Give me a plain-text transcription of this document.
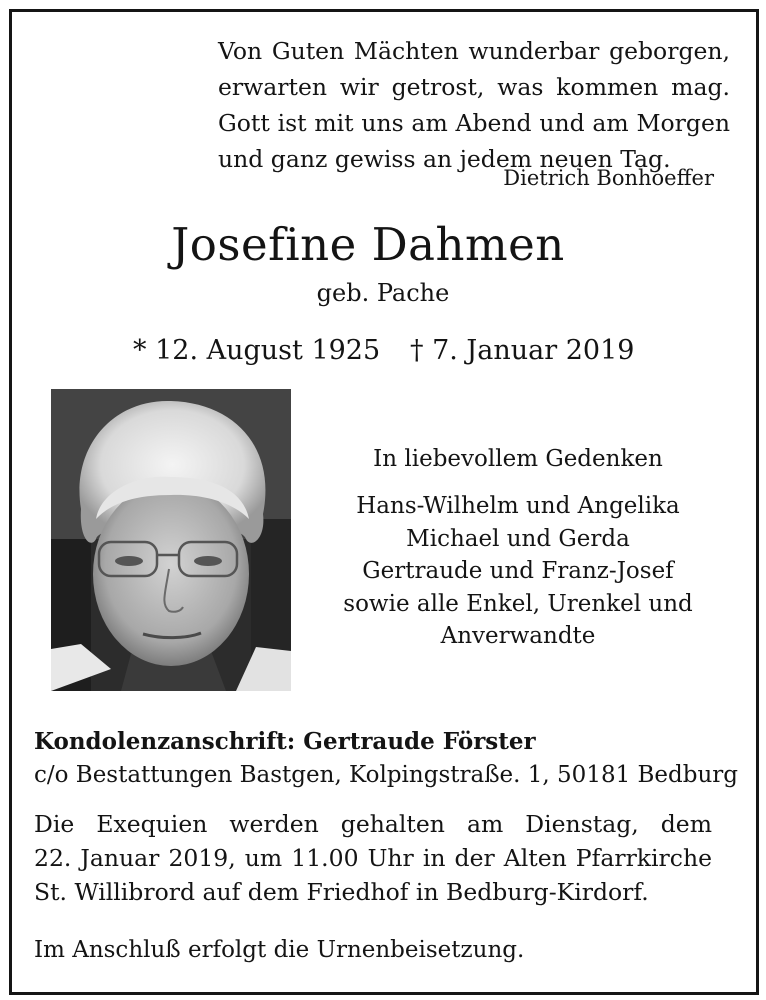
Von Guten Mächten wunderbar geborgen,
erwarten wir getrost, was kommen mag.
Gott ist mit uns am Abend und am Morgen
und ganz gewiss an jedem neuen Tag.
Dietrich Bonhoeffer
Josefine Dahmen
geb. Pache
* 12. August 1925 † 7. Januar 2019
In liebevollem Gedenken
Hans-Wilhelm und Angelika
Michael und Gerda
Gertraude und Franz-Josef
sowie alle Enkel, Urenkel und
Anverwandte
Kondolenzanschrift: Gertraude Förster
c/o Bestattungen Bastgen, Kolpingstraße. 1, 50181 Bedburg
Die Exequien werden gehalten am Dienstag, dem
22. Januar 2019, um 11.00 Uhr in der Alten Pfarrkirche
St. Willibrord auf dem Friedhof in Bedburg-Kirdorf.
Im Anschluß erfolgt die Urnenbeisetzung.
